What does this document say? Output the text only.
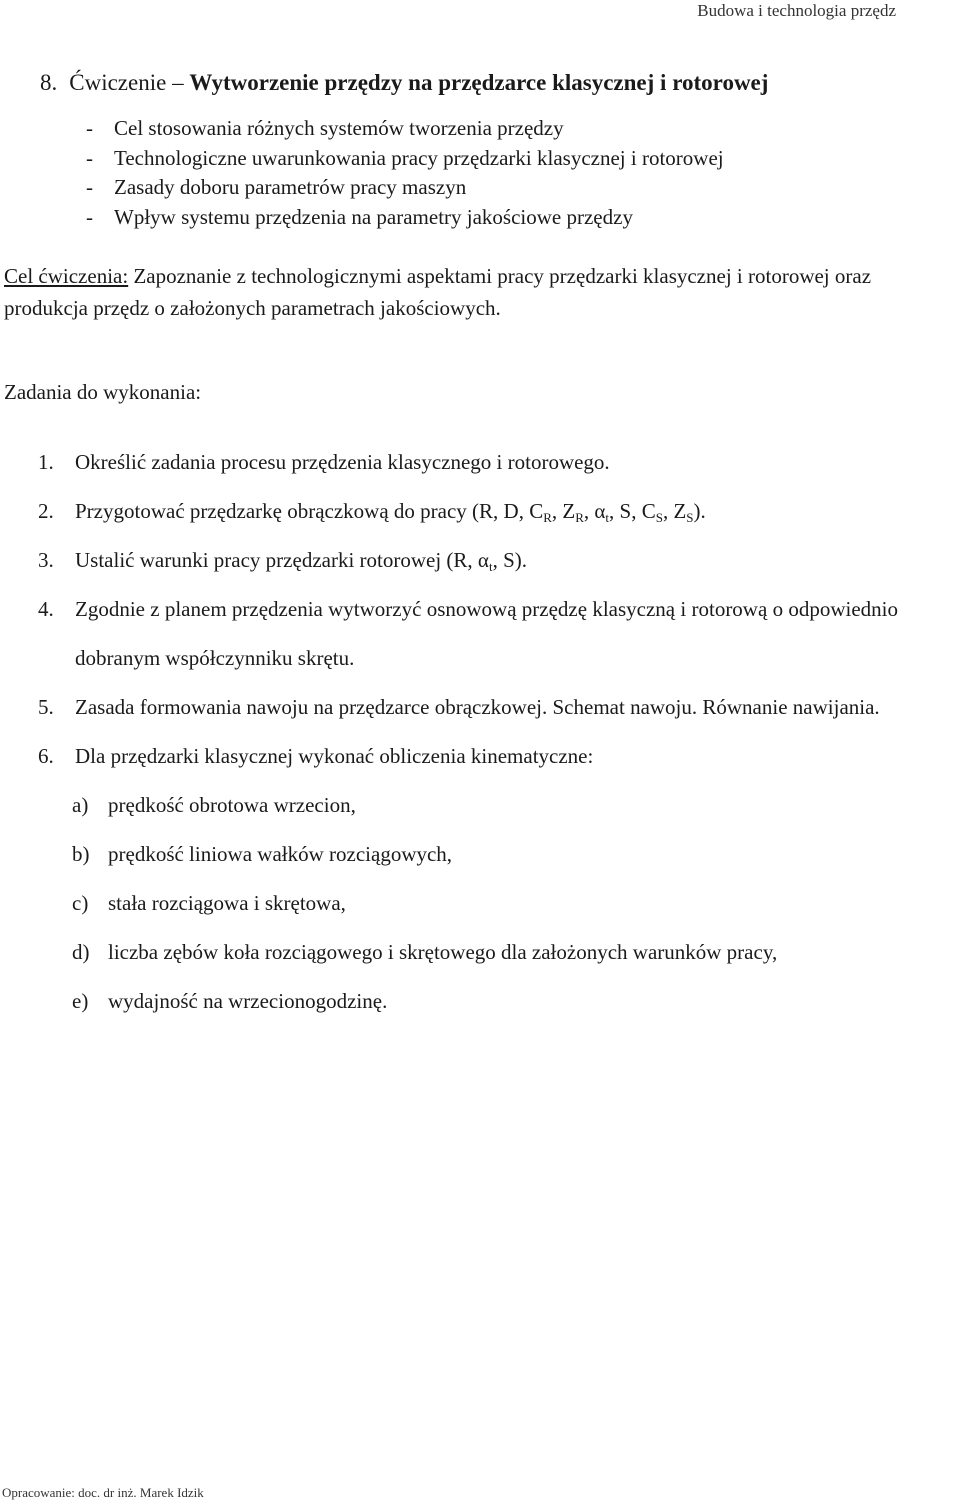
Budowa i technologia przędz
8. Ćwiczenie – Wytworzenie przędzy na przędzarce klasycznej i rotorowej
- Cel stosowania różnych systemów tworzenia przędzy
- Technologiczne uwarunkowania pracy przędzarki klasycznej i rotorowej
- Zasady doboru parametrów pracy maszyn
- Wpływ systemu przędzenia na parametry jakościowe przędzy
Cel ćwiczenia: Zapoznanie z technologicznymi aspektami pracy przędzarki klasycznej i rotorowej oraz produkcja przędz o założonych parametrach jakościowych.
Zadania do wykonania:
1. Określić zadania procesu przędzenia klasycznego i rotorowego.
2. Przygotować przędzarkę obrączkową do pracy (R, D, $C_R$, $Z_R$, $\alpha_t$, S, $C_S$, $Z_S$).
3. Ustalić warunki pracy przędzarki rotorowej (R, $\alpha_t$, S).
4. Zgodnie z planem przędzenia wytworzyć osnowową przędzę klasyczną i rotorową o odpowiednio dobranym współczynniku skrętu.
5. Zasada formowania nawoju na przędzarce obrączkowej. Schemat nawoju. Równanie nawijania.
6. Dla przędzarki klasycznej wykonać obliczenia kinematyczne:
a) prędkość obrotowa wrzecion,
b) prędkość liniowa wałków rozciągowych,
c) stała rozciągowa i skrętowa,
d) liczba zębów koła rozciągowego i skrętowego dla założonych warunków pracy,
e) wydajność na wrzecionogodzinę.
Opracowanie: doc. dr inż. Marek Idzik
